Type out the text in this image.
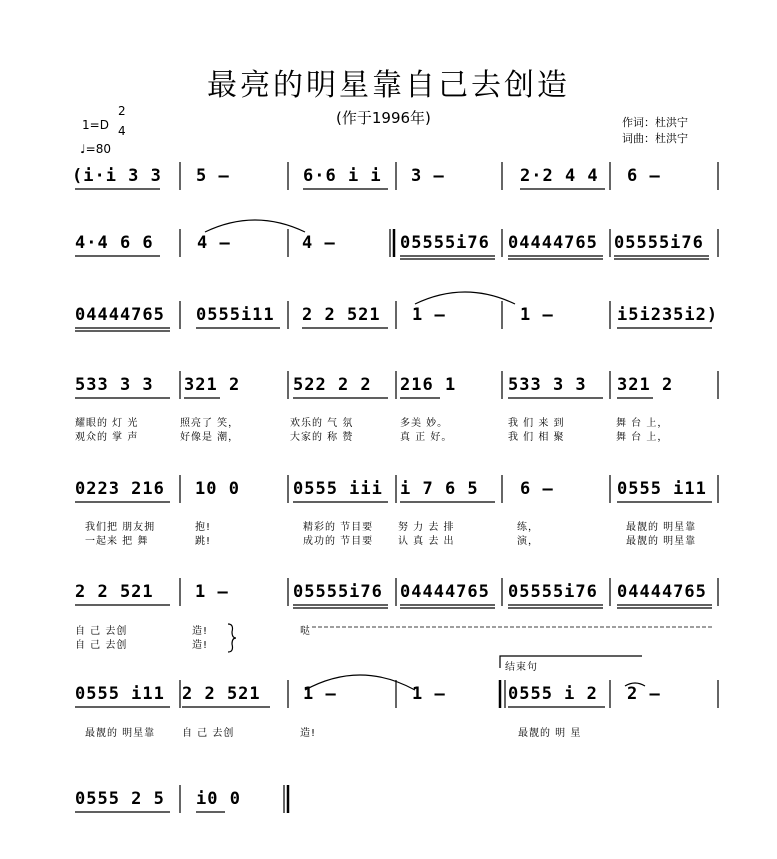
最亮的明星靠自己去创造
(作于1996年)	作词：杜洪宁
词曲：杜洪宁
1=D
2
4
♩=80
(i·i 3 3 5 –	6·6 i i 3 –	2·2 4 4 6 –
4·4 6 6	4 –	4 –	05555i76 04444765 05555i76
04444765 0555i11 2 2 521 1 –	1 –	i5i235i2)
533 3 3 321 2	522 2 2 216 1	533 3 3 321 2
耀眼的 灯 光	照亮了 笑，	欢乐的 气 氛	多美 妙。	我 们 来 到	舞 台 上，
观众的 掌 声	好像是 潮，	大家的 称 赞	真 正 好。	我 们 相 聚	舞 台 上，
0223 216 10 0	0555 iii i 7 6 5 6 –	0555 i11
我们把 朋友拥	抱!	精彩的 节目要 努 力 去 排	练，	最靓的 明星靠
一起来 把 舞	跳!	成功的 节目要 认 真 去 出	演，	最靓的 明星靠
2 2 521 1 –	05555i76 04444765 05555i76 04444765
自 己 去创	造!	哒
自 己 去创	造!
结束句
0555 i11 2 2 521 1 –	1 –	0555 i 2 2 –
最靓的 明星靠	自 己 去创	造!	最靓的 明 星
0555 2 5 i0 0
